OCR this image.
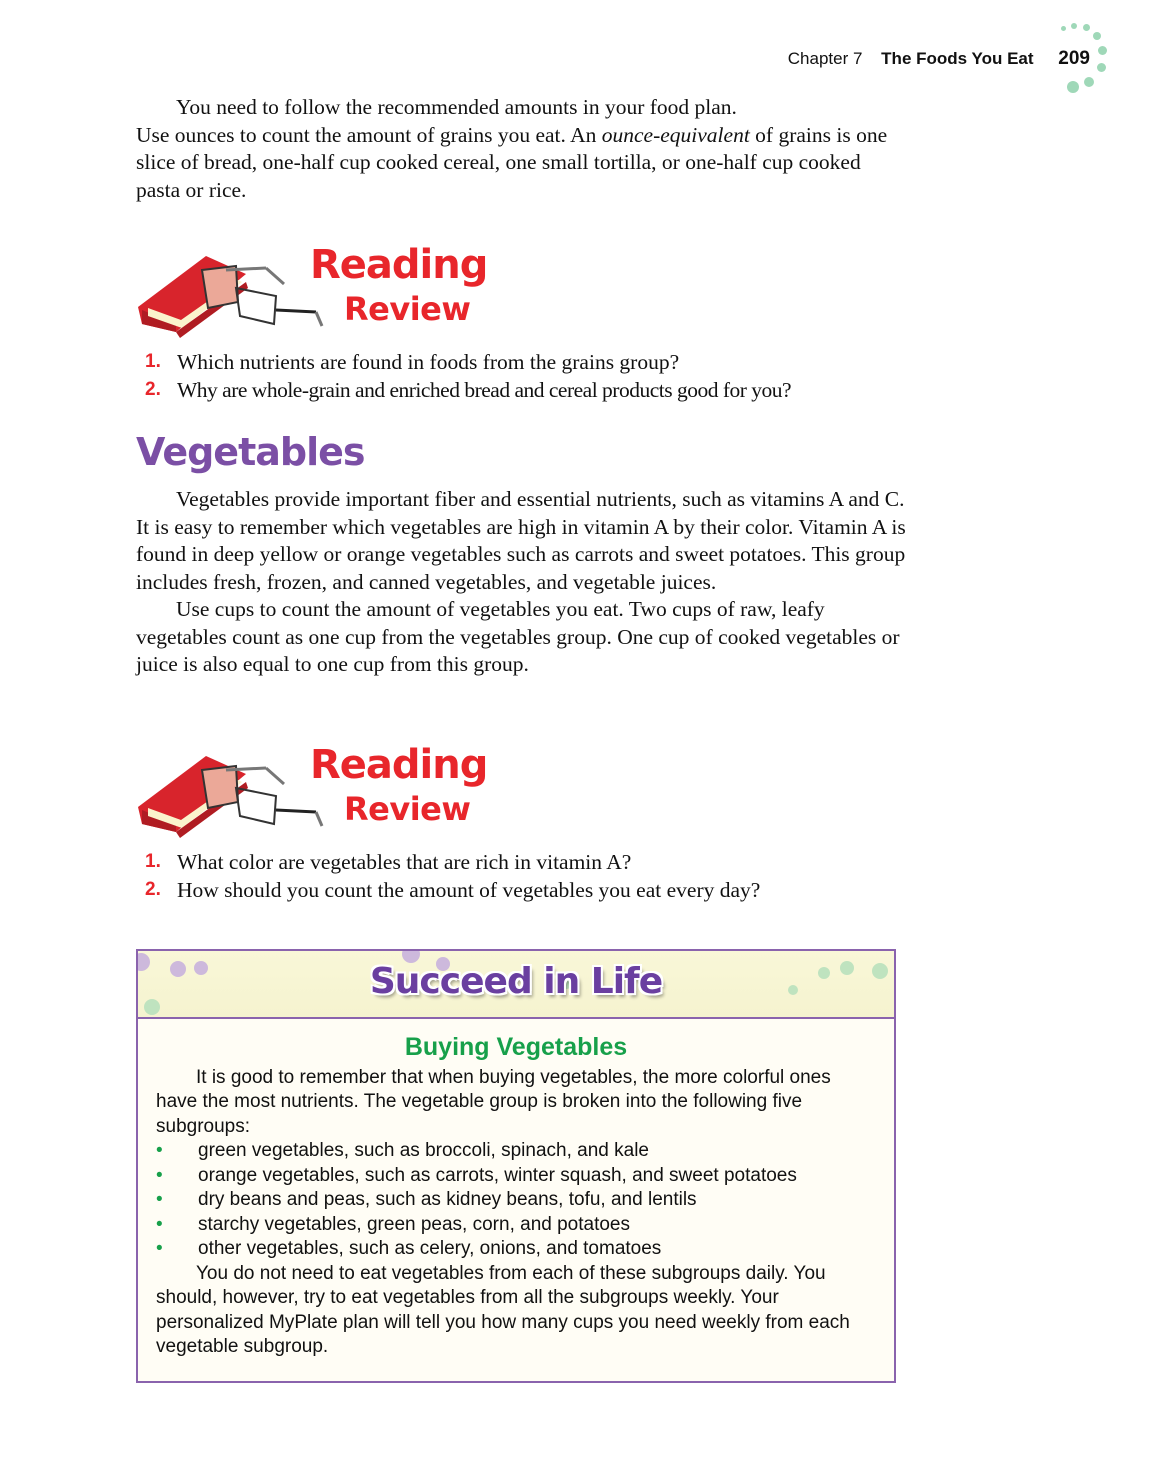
Chapter 7 The Foods You Eat 209

You need to follow the recommended amounts in your food plan.

Use ounces to count the amount of grains you eat. An ounce-equivalent of grains is one slice of bread, one-half cup cooked cereal, one small tortilla, or one-half cup cooked pasta or rice.

Reading
Review
1. Which nutrients are found in foods from the grains group?
2. Why are whole-grain and enriched bread and cereal products good for you?
Vegetables

Vegetables provide important fiber and essential nutrients, such as vitamins A and C. It is easy to remember which vegetables are high in vitamin A by their color. Vitamin A is found in deep yellow or orange vegetables such as carrots and sweet potatoes. This group includes fresh, frozen, and canned vegetables, and vegetable juices.

Use cups to count the amount of vegetables you eat. Two cups of raw, leafy vegetables count as one cup from the vegetables group. One cup of cooked vegetables or juice is also equal to one cup from this group.

Reading
Review
1. What color are vegetables that are rich in vitamin A?
2. How should you count the amount of vegetables you eat every day?
Succeed in Life
Buying Vegetables

It is good to remember that when buying vegetables, the more colorful ones have the most nutrients. The vegetable group is broken into the following five subgroups:

•	green vegetables, such as broccoli, spinach, and kale
•	orange vegetables, such as carrots, winter squash, and sweet potatoes
•	dry beans and peas, such as kidney beans, tofu, and lentils
•	starchy vegetables, green peas, corn, and potatoes
•	other vegetables, such as celery, onions, and tomatoes

You do not need to eat vegetables from each of these subgroups daily. You should, however, try to eat vegetables from all the subgroups weekly. Your personalized MyPlate plan will tell you how many cups you need weekly from each vegetable subgroup.
